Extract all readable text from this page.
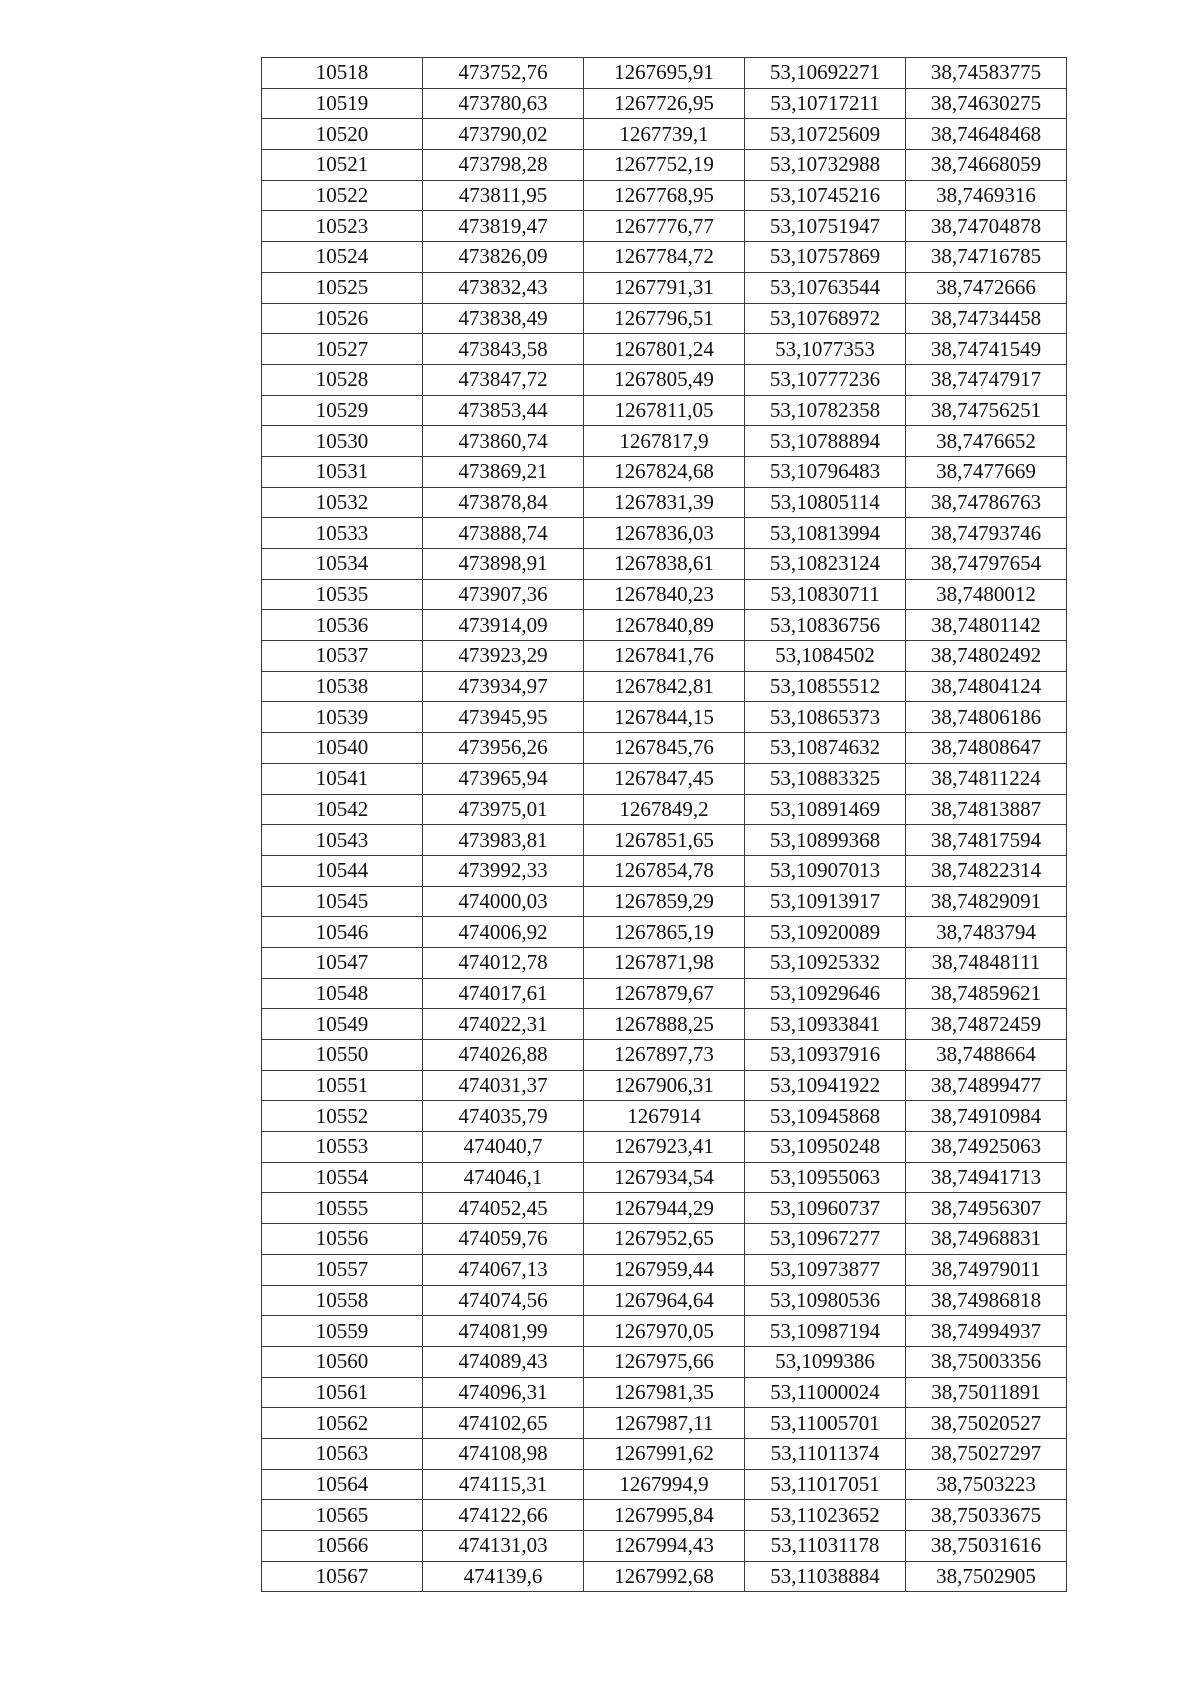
10518	473752,76	1267695,91	53,10692271	38,74583775
10519	473780,63	1267726,95	53,10717211	38,74630275
10520	473790,02	1267739,1	53,10725609	38,74648468
10521	473798,28	1267752,19	53,10732988	38,74668059
10522	473811,95	1267768,95	53,10745216	38,7469316
10523	473819,47	1267776,77	53,10751947	38,74704878
10524	473826,09	1267784,72	53,10757869	38,74716785
10525	473832,43	1267791,31	53,10763544	38,7472666
10526	473838,49	1267796,51	53,10768972	38,74734458
10527	473843,58	1267801,24	53,1077353	38,74741549
10528	473847,72	1267805,49	53,10777236	38,74747917
10529	473853,44	1267811,05	53,10782358	38,74756251
10530	473860,74	1267817,9	53,10788894	38,7476652
10531	473869,21	1267824,68	53,10796483	38,7477669
10532	473878,84	1267831,39	53,10805114	38,74786763
10533	473888,74	1267836,03	53,10813994	38,74793746
10534	473898,91	1267838,61	53,10823124	38,74797654
10535	473907,36	1267840,23	53,10830711	38,7480012
10536	473914,09	1267840,89	53,10836756	38,74801142
10537	473923,29	1267841,76	53,1084502	38,74802492
10538	473934,97	1267842,81	53,10855512	38,74804124
10539	473945,95	1267844,15	53,10865373	38,74806186
10540	473956,26	1267845,76	53,10874632	38,74808647
10541	473965,94	1267847,45	53,10883325	38,74811224
10542	473975,01	1267849,2	53,10891469	38,74813887
10543	473983,81	1267851,65	53,10899368	38,74817594
10544	473992,33	1267854,78	53,10907013	38,74822314
10545	474000,03	1267859,29	53,10913917	38,74829091
10546	474006,92	1267865,19	53,10920089	38,7483794
10547	474012,78	1267871,98	53,10925332	38,74848111
10548	474017,61	1267879,67	53,10929646	38,74859621
10549	474022,31	1267888,25	53,10933841	38,74872459
10550	474026,88	1267897,73	53,10937916	38,7488664
10551	474031,37	1267906,31	53,10941922	38,74899477
10552	474035,79	1267914	53,10945868	38,74910984
10553	474040,7	1267923,41	53,10950248	38,74925063
10554	474046,1	1267934,54	53,10955063	38,74941713
10555	474052,45	1267944,29	53,10960737	38,74956307
10556	474059,76	1267952,65	53,10967277	38,74968831
10557	474067,13	1267959,44	53,10973877	38,74979011
10558	474074,56	1267964,64	53,10980536	38,74986818
10559	474081,99	1267970,05	53,10987194	38,74994937
10560	474089,43	1267975,66	53,1099386	38,75003356
10561	474096,31	1267981,35	53,11000024	38,75011891
10562	474102,65	1267987,11	53,11005701	38,75020527
10563	474108,98	1267991,62	53,11011374	38,75027297
10564	474115,31	1267994,9	53,11017051	38,7503223
10565	474122,66	1267995,84	53,11023652	38,75033675
10566	474131,03	1267994,43	53,11031178	38,75031616
10567	474139,6	1267992,68	53,11038884	38,7502905
